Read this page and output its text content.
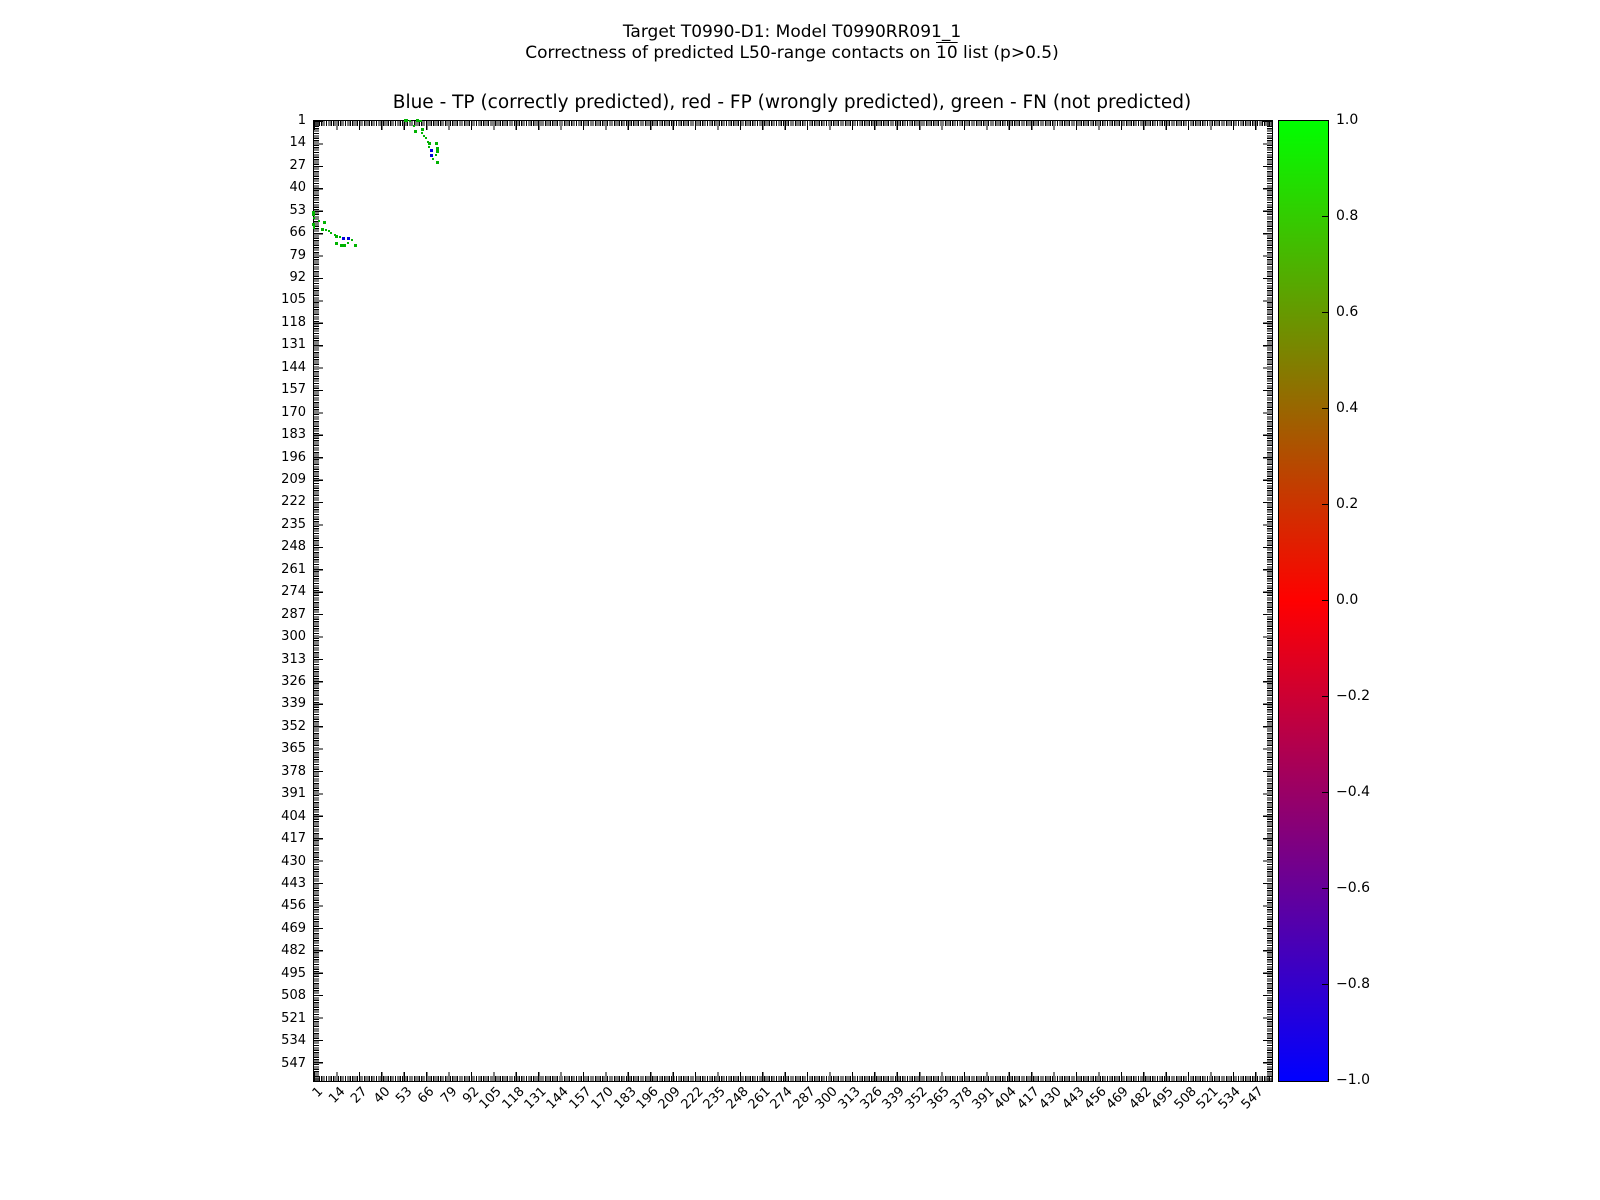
Target T0990-D1: Model T0990RR091_1
Correctness of predicted L50-range contacts on 10 list (p>0.5)
Blue - TP (correctly predicted), red - FP (wrongly predicted), green - FN (not predicted)
1
14
27
40
53
66
79
92
105
118
131
144
157
170
183
196
209
222
235
248
261
274
287
300
313
326
339
352
365
378
391
404
417
430
443
456
469
482
495
508
521
534
547
1 14 27 40 53 66 79 92
105
118
131
144
157
170
183
196
209
222
235
248
261
274
287
300
313
326
339
352
365
378
391
404
417
430
443
456
469
482
495
508
521
534
547
1.0
0.8
0.6
0.4
0.2
0.0
−0.2
−0.4
−0.6
−0.8
−1.0
